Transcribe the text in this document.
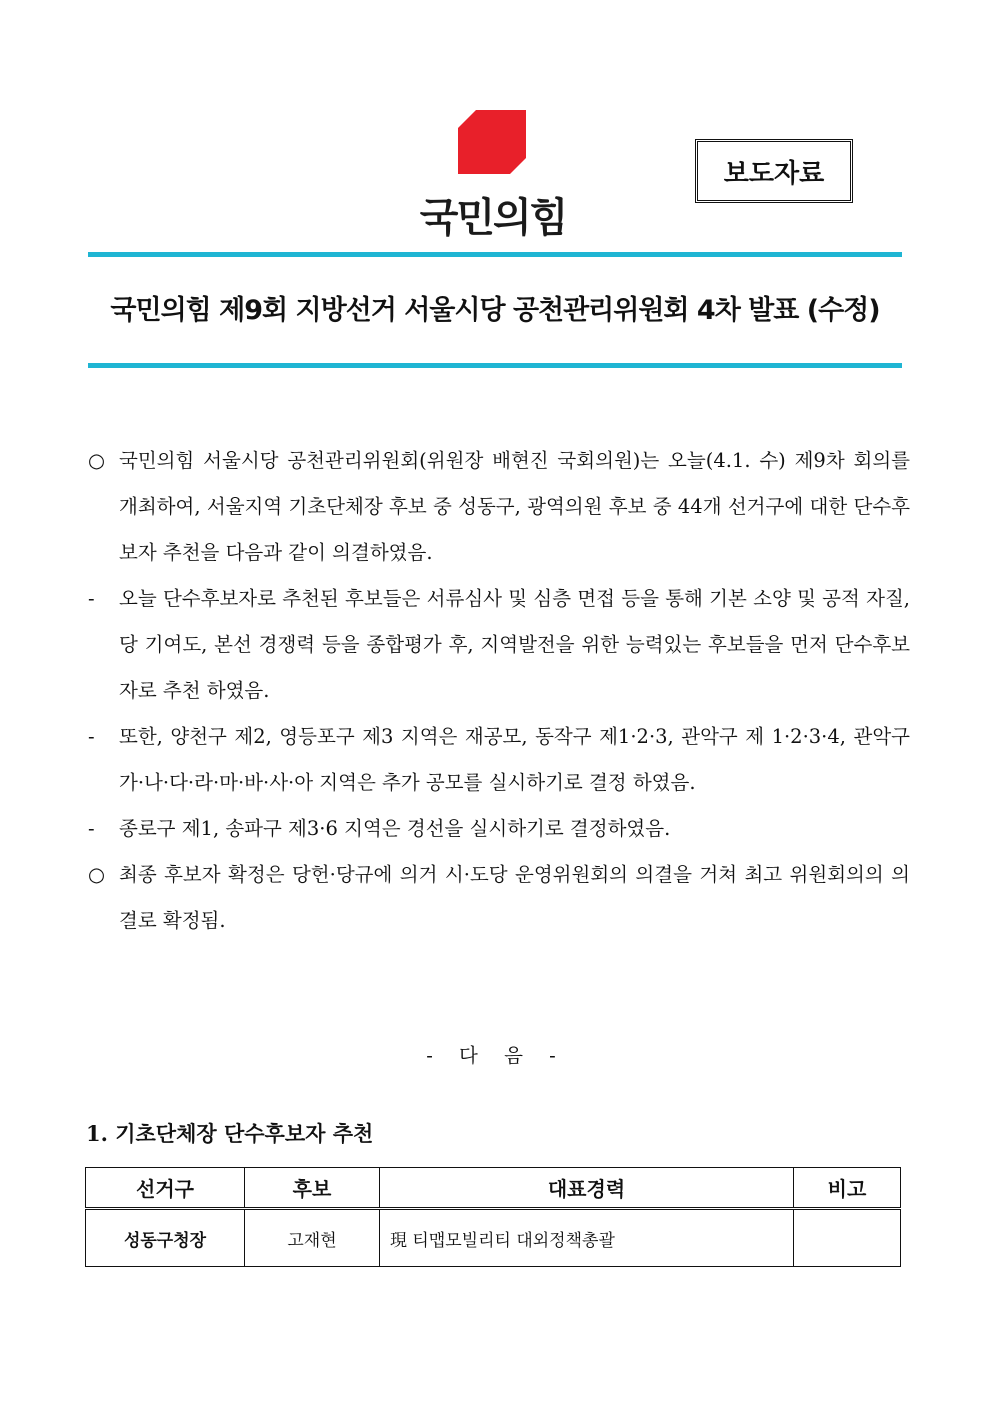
국민의힘
보도자료
국민의힘 제9회 지방선거 서울시당 공천관리위원회 4차 발표 (수정)
○ 국민의힘 서울시당 공천관리위원회(위원장 배현진 국회의원)는 오늘(4.1. 수) 제9차 회의를 개최하여, 서울지역 기초단체장 후보 중 성동구, 광역의원 후보 중 44개 선거구에 대한 단수후보자 추천을 다음과 같이 의결하였음.
- 오늘 단수후보자로 추천된 후보들은 서류심사 및 심층 면접 등을 통해 기본 소양 및 공적 자질, 당 기여도, 본선 경쟁력 등을 종합평가 후, 지역발전을 위한 능력있는 후보들을 먼저 단수후보자로 추천 하였음.
- 또한, 양천구 제2, 영등포구 제3 지역은 재공모, 동작구 제1·2·3, 관악구 제 1·2·3·4, 관악구 가·나·다·라·마·바·사·아 지역은 추가 공모를 실시하기로 결정 하였음.
- 종로구 제1, 송파구 제3·6 지역은 경선을 실시하기로 결정하였음.
○ 최종 후보자 확정은 당헌·당규에 의거 시·도당 운영위원회의 의결을 거쳐 최고 위원회의의 의결로 확정됨.
- 다 음 -
1. 기초단체장 단수후보자 추천
선거구	후보	대표경력	비고
성동구청장	고재현	現 티맵모빌리티 대외정책총괄	
